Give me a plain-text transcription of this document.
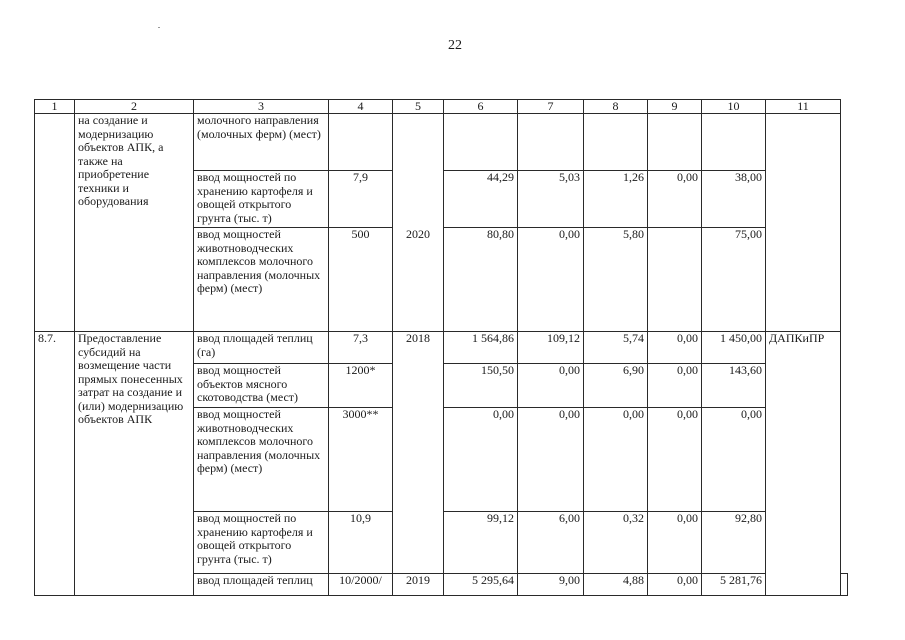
22
1	2	3	4	5	6	7	8	9	10	11	
	на создание и модернизацию объектов АПК, а также на приобретение техники и оборудования	молочного направления (молочных ферм) (мест)									
		ввод мощностей по хранению картофеля и овощей открытого грунта (тыс. т)	7,9		44,29	5,03	1,26	0,00	38,00		
		ввод мощностей животноводческих комплексов молочного направления (молочных ферм) (мест)	500	2020	80,80	0,00	5,80		75,00		
8.7.	Предоставление субсидий на возмещение части прямых понесенных затрат на создание и (или) модернизацию объектов АПК	ввод площадей теплиц (га)	7,3	2018	1 564,86	109,12	5,74	0,00	1 450,00	ДАПКиПР	
		ввод мощностей объектов мясного скотоводства (мест)	1200*		150,50	0,00	6,90	0,00	143,60		
		ввод мощностей животноводческих комплексов молочного направления (молочных ферм) (мест)	3000**		0,00	0,00	0,00	0,00	0,00		
		ввод мощностей по хранению картофеля и овощей открытого грунта (тыс. т)	10,9		99,12	6,00	0,32	0,00	92,80		
		ввод площадей теплиц	10/2000/	2019	5 295,64	9,00	4,88	0,00	5 281,76	
